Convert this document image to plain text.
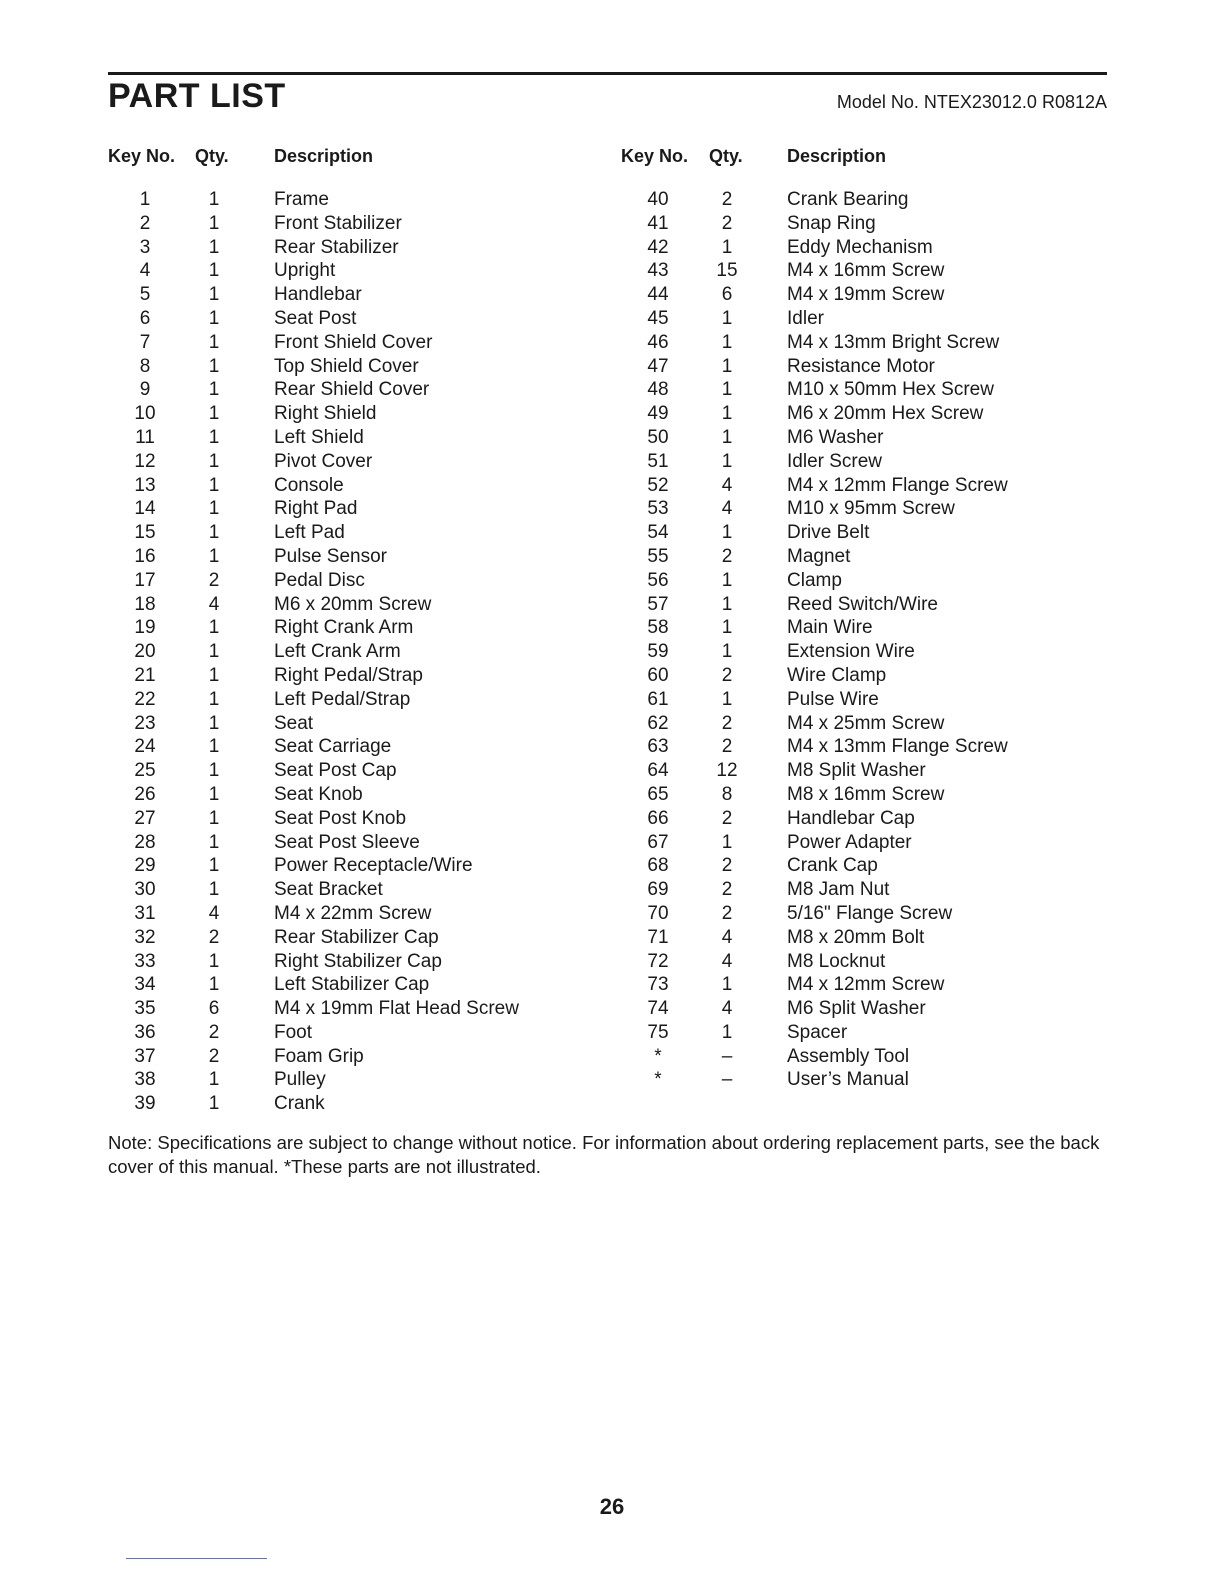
PART LIST	Model No. NTEX23012.0 R0812A
Key No. Qty.	Description
1	1	Frame
2	1	Front Stabilizer
3	1	Rear Stabilizer
4	1	Upright
5	1	Handlebar
6	1	Seat Post
7	1	Front Shield Cover
8	1	Top Shield Cover
9	1	Rear Shield Cover
10	1	Right Shield
11	1	Left Shield
12	1	Pivot Cover
13	1	Console
14	1	Right Pad
15	1	Left Pad
16	1	Pulse Sensor
17	2	Pedal Disc
18	4	M6 x 20mm Screw
19	1	Right Crank Arm
20	1	Left Crank Arm
21	1	Right Pedal/Strap
22	1	Left Pedal/Strap
23	1	Seat
24	1	Seat Carriage
25	1	Seat Post Cap
26	1	Seat Knob
27	1	Seat Post Knob
28	1	Seat Post Sleeve
29	1	Power Receptacle/Wire
30	1	Seat Bracket
31	4	M4 x 22mm Screw
32	2	Rear Stabilizer Cap
33	1	Right Stabilizer Cap
34	1	Left Stabilizer Cap
35	6	M4 x 19mm Flat Head Screw
36	2	Foot
37	2	Foam Grip
38	1	Pulley
39	1	Crank
Key No. Qty. Description
40	2	Crank Bearing
41	2	Snap Ring
42	1	Eddy Mechanism
43	15	M4 x 16mm Screw
44	6	M4 x 19mm Screw
45	1	Idler
46	1	M4 x 13mm Bright Screw
47	1	Resistance Motor
48	1	M10 x 50mm Hex Screw
49	1	M6 x 20mm Hex Screw
50	1	M6 Washer
51	1	Idler Screw
52	4	M4 x 12mm Flange Screw
53	4	M10 x 95mm Screw
54	1	Drive Belt
55	2	Magnet
56	1	Clamp
57	1	Reed Switch/Wire
58	1	Main Wire
59	1	Extension Wire
60	2	Wire Clamp
61	1	Pulse Wire
62	2	M4 x 25mm Screw
63	2	M4 x 13mm Flange Screw
64	12	M8 Split Washer
65	8	M8 x 16mm Screw
66	2	Handlebar Cap
67	1	Power Adapter
68	2	Crank Cap
69	2	M8 Jam Nut
70	2	5/16" Flange Screw
71	4	M8 x 20mm Bolt
72	4	M8 Locknut
73	1	M4 x 12mm Screw
74	4	M6 Split Washer
75	1	Spacer
*	–	Assembly Tool
*	–	User’s Manual
Note: Specifications are subject to change without notice. For information about ordering replacement parts, see the back cover of this manual. *These parts are not illustrated.
26
